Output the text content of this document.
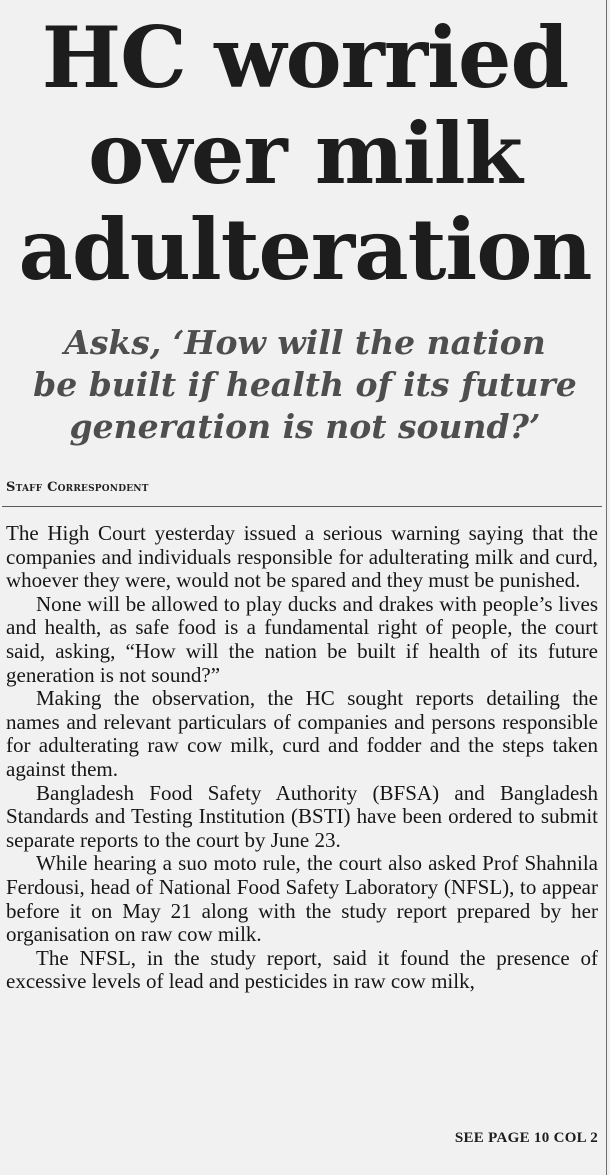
HC worried
over milk
adulteration
Asks, ‘How will the nation
be built if health of its future
generation is not sound?’
Staff Correspondent

The High Court yesterday issued a serious warning saying that the companies and individuals responsible for adulterating milk and curd, whoever they were, would not be spared and they must be punished.

None will be allowed to play ducks and drakes with people’s lives and health, as safe food is a fundamental right of people, the court said, asking, “How will the nation be built if health of its future generation is not sound?”

Making the observation, the HC sought reports detailing the names and relevant particulars of companies and persons responsible for adulterating raw cow milk, curd and fodder and the steps taken against them.

Bangladesh Food Safety Authority (BFSA) and Bangladesh Standards and Testing Institution (BSTI) have been ordered to submit separate reports to the court by June 23.

While hearing a suo moto rule, the court also asked Prof Shahnila Ferdousi, head of National Food Safety Laboratory (NFSL), to appear before it on May 21 along with the study report prepared by her organisation on raw cow milk.

The NFSL, in the study report, said it found the presence of excessive levels of lead and pesticides in raw cow milk,

SEE PAGE 10 COL 2
